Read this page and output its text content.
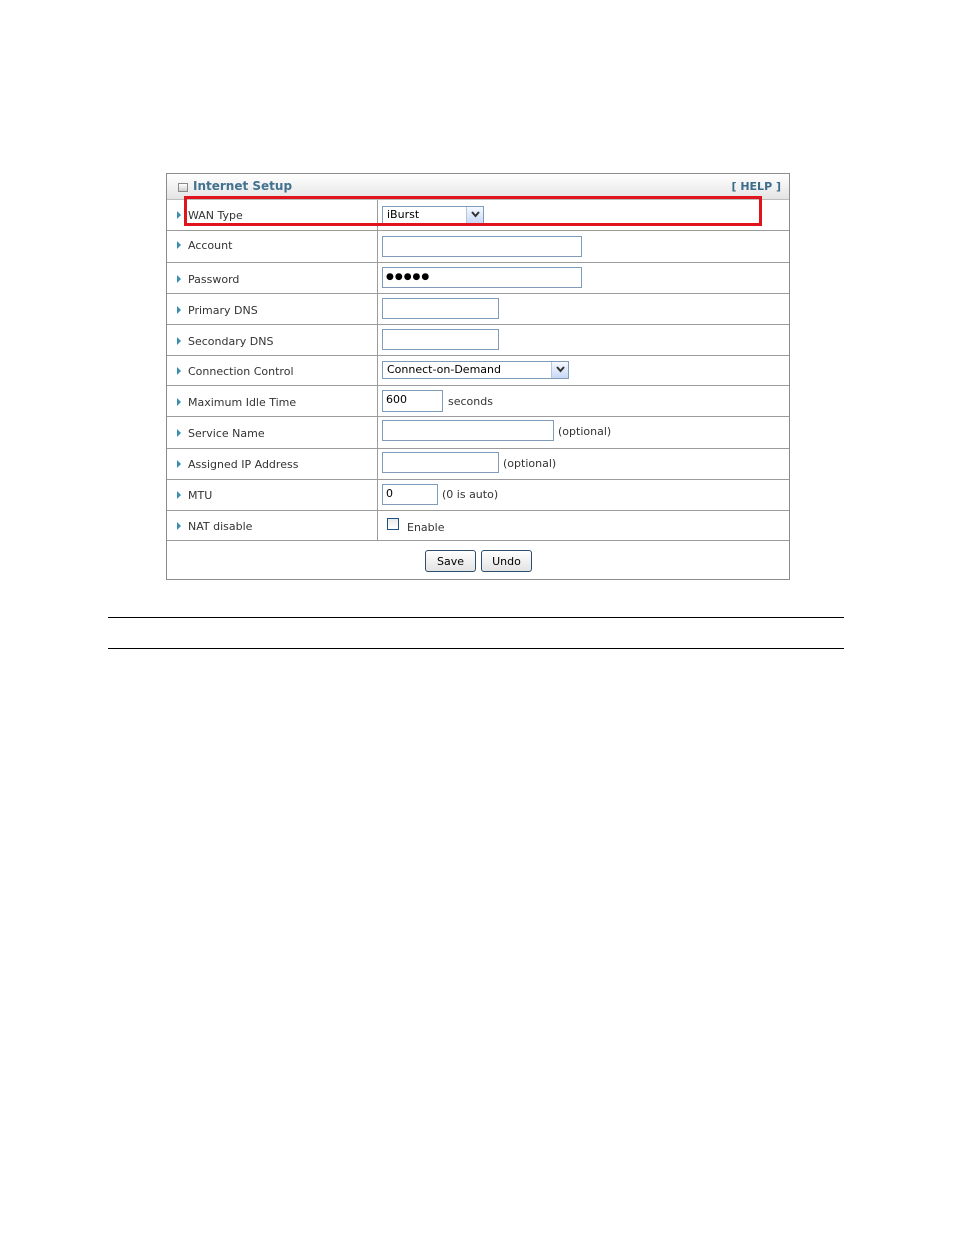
Internet Setup	[ HELP ]
WAN Type	iBurst
Account
Password	●●●●●
Primary DNS
Secondary DNS
Connection Control	Connect-on-Demand
Maximum Idle Time	600	seconds
Service Name	(optional)
Assigned IP Address	(optional)
MTU	0	(0 is auto)
NAT disable	Enable
Save	Undo
